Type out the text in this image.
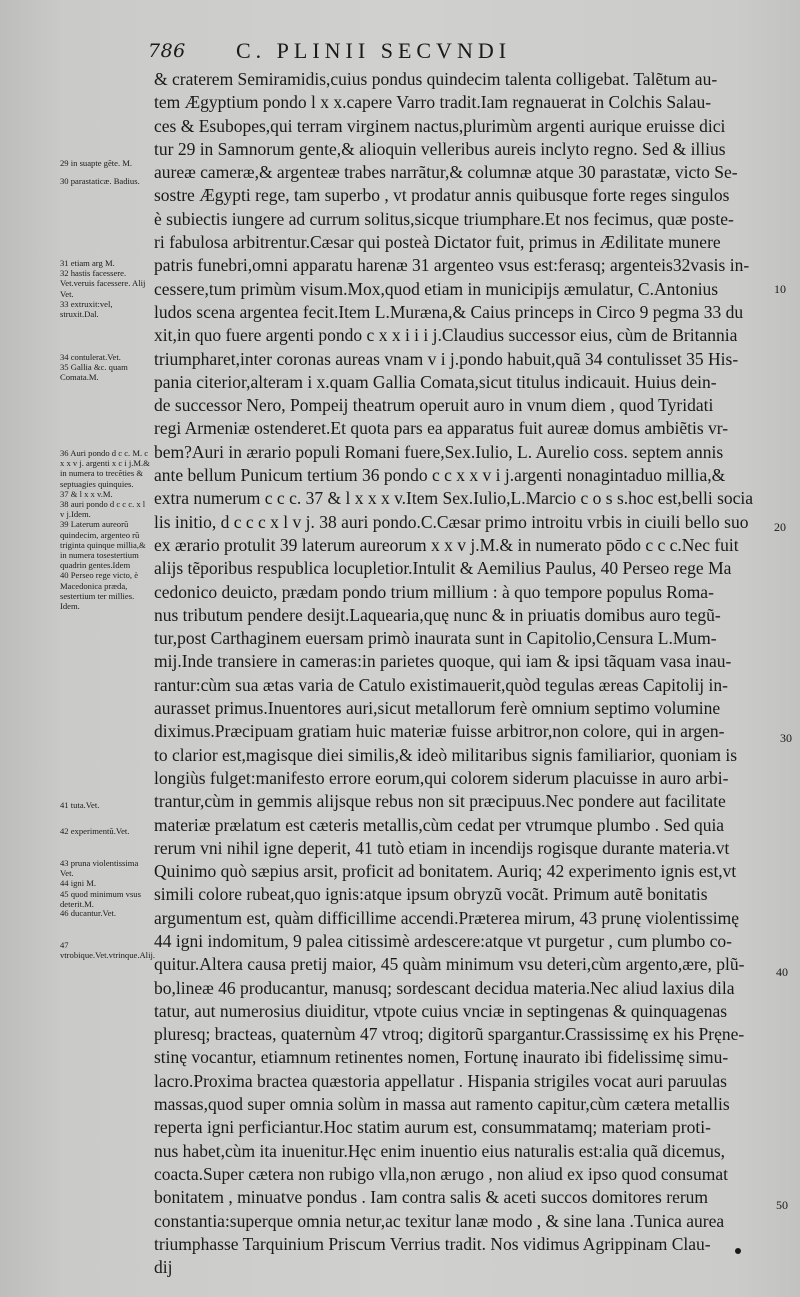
786 C. PLINII SECVNDI
& craterem Semiramidis,cuius pondus quindecim talenta colligebat. Talẽtum au-
tem Ægyptium pondo l x x.capere Varro tradit.Iam regnauerat in Colchis Salau-
ces & Esubopes,qui terram virginem nactus,plurimùm argenti aurique eruisse dici
tur 29 in Samnorum gente,& alioquin velleribus aureis inclyto regno. Sed & illius
aureæ cameræ,& argenteæ trabes narrãtur,& columnæ atque 30 parastatæ, victo Se-
sostre Ægypti rege, tam superbo , vt prodatur annis quibusque forte reges singulos
è subiectis iungere ad currum solitus,sicque triumphare.Et nos fecimus, quæ poste-
ri fabulosa arbitrentur.Cæsar qui posteà Dictator fuit, primus in Ædilitate munere
patris funebri,omni apparatu harenæ 31 argenteo vsus est:ferasq; argenteis32vasis in-
cessere,tum primùm visum.Mox,quod etiam in municipijs æmulatur, C.Antonius
ludos scena argentea fecit.Item L.Muræna,& Caius princeps in Circo 9 pegma 33 du
xit,in quo fuere argenti pondo c x x i i i j.Claudius successor eius, cùm de Britannia
triumpharet,inter coronas aureas vnam v i j.pondo habuit,quã 34 contulisset 35 His-
pania citerior,alteram i x.quam Gallia Comata,sicut titulus indicauit. Huius dein-
de successor Nero, Pompeij theatrum operuit auro in vnum diem , quod Tyridati
regi Armeniæ ostenderet.Et quota pars ea apparatus fuit aureæ domus ambiẽtis vr-
bem?Auri in ærario populi Romani fuere,Sex.Iulio, L. Aurelio coss. septem annis
ante bellum Punicum tertium 36 pondo c c x x v i j.argenti nonagintaduo millia,&
extra numerum c c c. 37 & l x x x v.Item Sex.Iulio,L.Marcio c o s s.hoc est,belli socia
lis initio, d c c c x l v j. 38 auri pondo.C.Cæsar primo introitu vrbis in ciuili bello suo
ex ærario protulit 39 laterum aureorum x x v j.M.& in numerato pōdo c c c.Nec fuit
alijs tẽporibus respublica locupletior.Intulit & Aemilius Paulus, 40 Perseo rege Ma
cedonico deuicto, prædam pondo trium millium : à quo tempore populus Roma-
nus tributum pendere desijt.Laquearia,quę nunc & in priuatis domibus auro tegũ-
tur,post Carthaginem euersam primò inaurata sunt in Capitolio,Censura L.Mum-
mij.Inde transiere in cameras:in parietes quoque, qui iam & ipsi tãquam vasa inau-
rantur:cùm sua ætas varia de Catulo existimauerit,quòd tegulas æreas Capitolij in-
aurasset primus.Inuentores auri,sicut metallorum ferè omnium septimo volumine
diximus.Præcipuam gratiam huic materiæ fuisse arbitror,non colore, qui in argen-
to clarior est,magisque diei similis,& ideò militaribus signis familiarior, quoniam is
longiùs fulget:manifesto errore eorum,qui colorem siderum placuisse in auro arbi-
trantur,cùm in gemmis alijsque rebus non sit præcipuus.Nec pondere aut facilitate
materiæ prælatum est cæteris metallis,cùm cedat per vtrumque plumbo . Sed quia
rerum vni nihil igne deperit, 41 tutò etiam in incendijs rogisque durante materia.vt
Quinimo quò sæpius arsit, proficit ad bonitatem. Auriq; 42 experimento ignis est,vt
simili colore rubeat,quo ignis:atque ipsum obryzũ vocãt. Primum autẽ bonitatis
argumentum est, quàm difficillime accendi.Præterea mirum, 43 prunę violentissimę
44 igni indomitum, 9 palea citissimè ardescere:atque vt purgetur , cum plumbo co-
quitur.Altera causa pretij maior, 45 quàm minimum vsu deteri,cùm argento,ære, plũ-
bo,lineæ 46 producantur, manusq; sordescant decidua materia.Nec aliud laxius dila
tatur, aut numerosius diuiditur, vtpote cuius vnciæ in septingenas & quinquagenas
pluresq; bracteas, quaternùm 47 vtroq; digitorũ spargantur.Crassissimę ex his Pręne-
stinę vocantur, etiamnum retinentes nomen, Fortunę inaurato ibi fidelissimę simu-
lacro.Proxima bractea quæstoria appellatur . Hispania strigiles vocat auri paruulas
massas,quod super omnia solùm in massa aut ramento capitur,cùm cætera metallis
reperta igni perficiantur.Hoc statim aurum est, consummatamq; materiam proti-
nus habet,cùm ita inuenitur.Hęc enim inuentio eius naturalis est:alia quã dicemus,
coacta.Super cætera non rubigo vlla,non ærugo , non aliud ex ipso quod consumat
bonitatem , minuatve pondus . Iam contra salis & aceti succos domitores rerum
constantia:superque omnia netur,ac texitur lanæ modo , & sine lana .Tunica aurea
triumphasse Tarquinium Priscum Verrius tradit. Nos vidimus Agrippinam Clau-
dij
29 in suapte gẽte. M.
30 parastaticæ. Badius.
31 etiam arg M.
32 hastis facessere. Vet.veruis facessere. Alij Vet.
33 extruxit:vel, struxit.Dal.
34 contulerat.Vet.
35 Gallia &c. quam Comata.M.
36 Auri pondo d c c. M. c x x v j. argenti x c i j.M.& in numera to trecẽties & septuagies quinquies.
37 & l x x v.M.
38 auri pondo d c c c. x l v j.Idem.
39 Laterum aureorũ quindecim, argenteo rũ triginta quinque millia,& in numera tosestertium quadrin gentes.Idem
40 Perseo rege victo, è Macedonica præda, sestertium ter millies. Idem.
41 tuta.Vet.
42 experimentũ.Vet.
43 pruna violentissima Vet.
44 igni M.
45 quod minimum vsus deterit.M.
46 ducantur.Vet.
47 vtrobique.Vet.vtrinque.Alij.
10
20
30
40
50
